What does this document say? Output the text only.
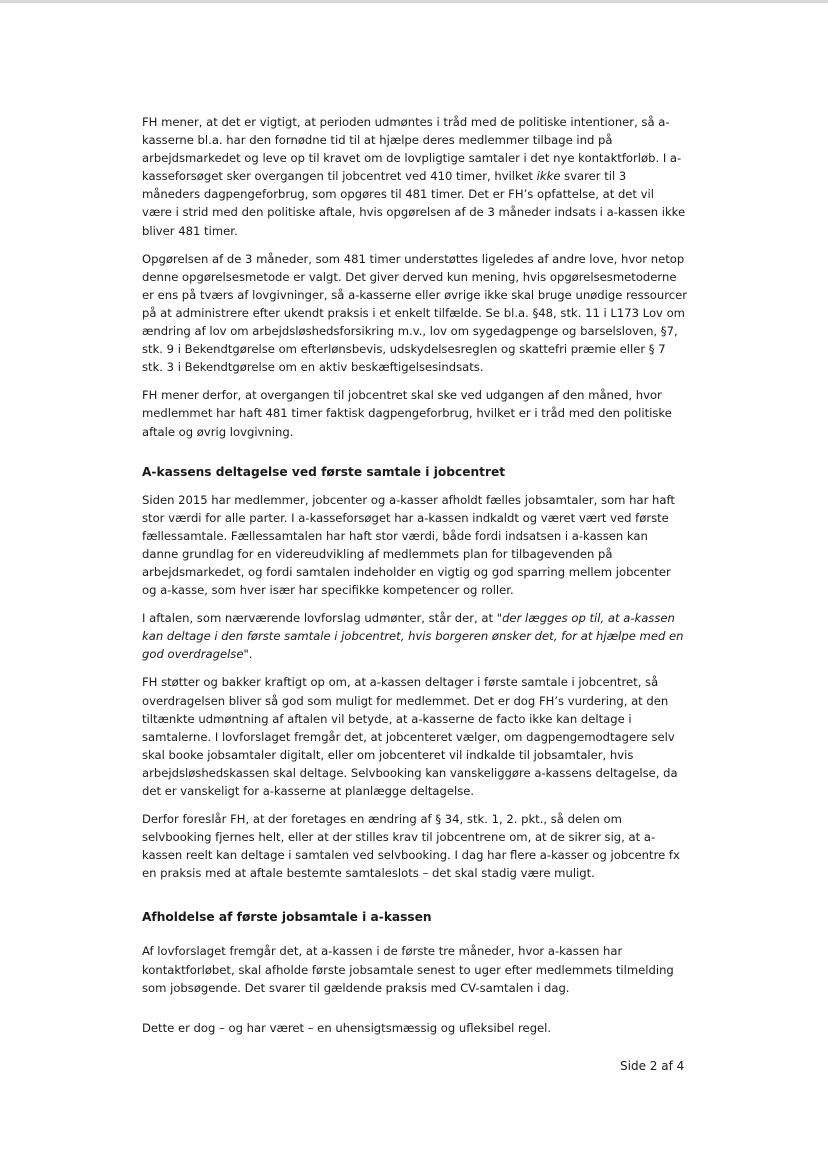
FH mener, at det er vigtigt, at perioden udmøntes i tråd med de politiske intentioner, så a-kasserne bl.a. har den fornødne tid til at hjælpe deres medlemmer tilbage ind på arbejdsmarkedet og leve op til kravet om de lovpligtige samtaler i det nye kontaktforløb. I a-kasseforsøget sker overgangen til jobcentret ved 410 timer, hvilket ikke svarer til 3 måneders dagpengeforbrug, som opgøres til 481 timer. Det er FH’s opfattelse, at det vil være i strid med den politiske aftale, hvis opgørelsen af de 3 måneder indsats i a-kassen ikke bliver 481 timer.

Opgørelsen af de 3 måneder, som 481 timer understøttes ligeledes af andre love, hvor netop denne opgørelsesmetode er valgt. Det giver derved kun mening, hvis opgørelsesmetoderne er ens på tværs af lovgivninger, så a-kasserne eller øvrige ikke skal bruge unødige ressourcer på at administrere efter ukendt praksis i et enkelt tilfælde. Se bl.a. §48, stk. 11 i L173 Lov om ændring af lov om arbejdsløshedsforsikring m.v., lov om sygedagpenge og barselsloven, §7, stk. 9 i Bekendtgørelse om efterlønsbevis, udskydelsesreglen og skattefri præmie eller § 7 stk. 3 i Bekendtgørelse om en aktiv beskæftigelsesindsats.

FH mener derfor, at overgangen til jobcentret skal ske ved udgangen af den måned, hvor medlemmet har haft 481 timer faktisk dagpengeforbrug, hvilket er i tråd med den politiske aftale og øvrig lovgivning.

A-kassens deltagelse ved første samtale i jobcentret

Siden 2015 har medlemmer, jobcenter og a-kasser afholdt fælles jobsamtaler, som har haft stor værdi for alle parter. I a-kasseforsøget har a-kassen indkaldt og været vært ved første fællessamtale. Fællessamtalen har haft stor værdi, både fordi indsatsen i a-kassen kan danne grundlag for en videreudvikling af medlemmets plan for tilbagevenden på arbejdsmarkedet, og fordi samtalen indeholder en vigtig og god sparring mellem jobcenter og a-kasse, som hver især har specifikke kompetencer og roller.

I aftalen, som nærværende lovforslag udmønter, står der, at "der lægges op til, at a-kassen kan deltage i den første samtale i jobcentret, hvis borgeren ønsker det, for at hjælpe med en god overdragelse".

FH støtter og bakker kraftigt op om, at a-kassen deltager i første samtale i jobcentret, så overdragelsen bliver så god som muligt for medlemmet. Det er dog FH’s vurdering, at den tiltænkte udmøntning af aftalen vil betyde, at a-kasserne de facto ikke kan deltage i samtalerne. I lovforslaget fremgår det, at jobcenteret vælger, om dagpengemodtagere selv skal booke jobsamtaler digitalt, eller om jobcenteret vil indkalde til jobsamtaler, hvis arbejdsløshedskassen skal deltage. Selvbooking kan vanskeliggøre a-kassens deltagelse, da det er vanskeligt for a-kasserne at planlægge deltagelse.

Derfor foreslår FH, at der foretages en ændring af § 34, stk. 1, 2. pkt., så delen om selvbooking fjernes helt, eller at der stilles krav til jobcentrene om, at de sikrer sig, at a-kassen reelt kan deltage i samtalen ved selvbooking. I dag har flere a-kasser og jobcentre fx en praksis med at aftale bestemte samtaleslots – det skal stadig være muligt.

Afholdelse af første jobsamtale i a-kassen

Af lovforslaget fremgår det, at a-kassen i de første tre måneder, hvor a-kassen har kontaktforløbet, skal afholde første jobsamtale senest to uger efter medlemmets tilmelding som jobsøgende. Det svarer til gældende praksis med CV-samtalen i dag.

Dette er dog – og har været – en uhensigtsmæssig og ufleksibel regel.

Side 2 af 4
